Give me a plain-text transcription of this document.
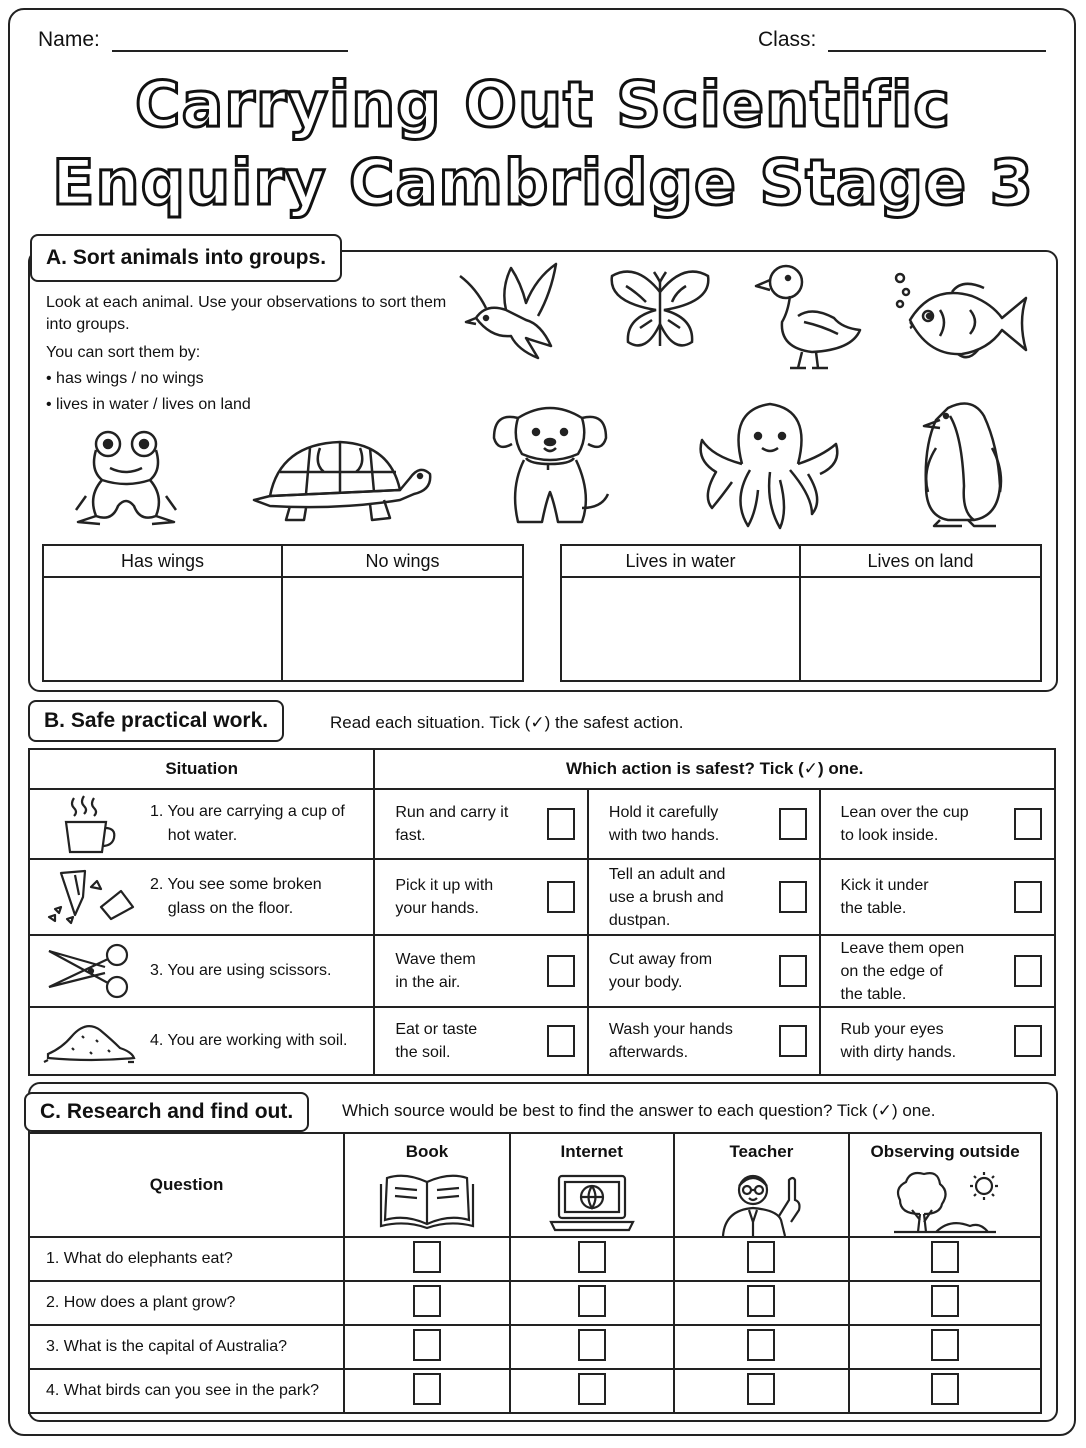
Name:	Class:
Carrying Out Scientific
Enquiry Cambridge Stage 3
A. Sort animals into groups.
Look at each animal. Use your observations to sort them
into groups.
You can sort them by:
• has wings / no wings
• lives in water / lives on land
Has wings	No wings	Lives in water	Lives on land
B. Safe practical work.	Read each situation. Tick (✓) the safest action.
Situation	Which action is safest? Tick (✓) one.		

1. You are carrying a cup of
hot water.	Run and carry it
fast.	Hold it carefully
with two hands.	Lean over the cup
to look inside.

2. You see some broken
glass on the floor.	Pick it up with
your hands.	Tell an adult and
use a brush and
dustpan.	Kick it under
the table.

3. You are using scissors.	Wave them
in the air.	Cut away from
your body.	Leave them open
on the edge of
the table.

4. You are working with soil.	Eat or taste
the soil.	Wash your hands
afterwards.	Rub your eyes
with dirty hands.
C. Research and find out.	Which source would be best to find the answer to each question? Tick (✓) one.
Question	Book	Internet	Teacher	Observing outside

1. What do elephants eat?				
2. How does a plant grow?				
3. What is the capital of Australia?				
4. What birds can you see in the park?				
